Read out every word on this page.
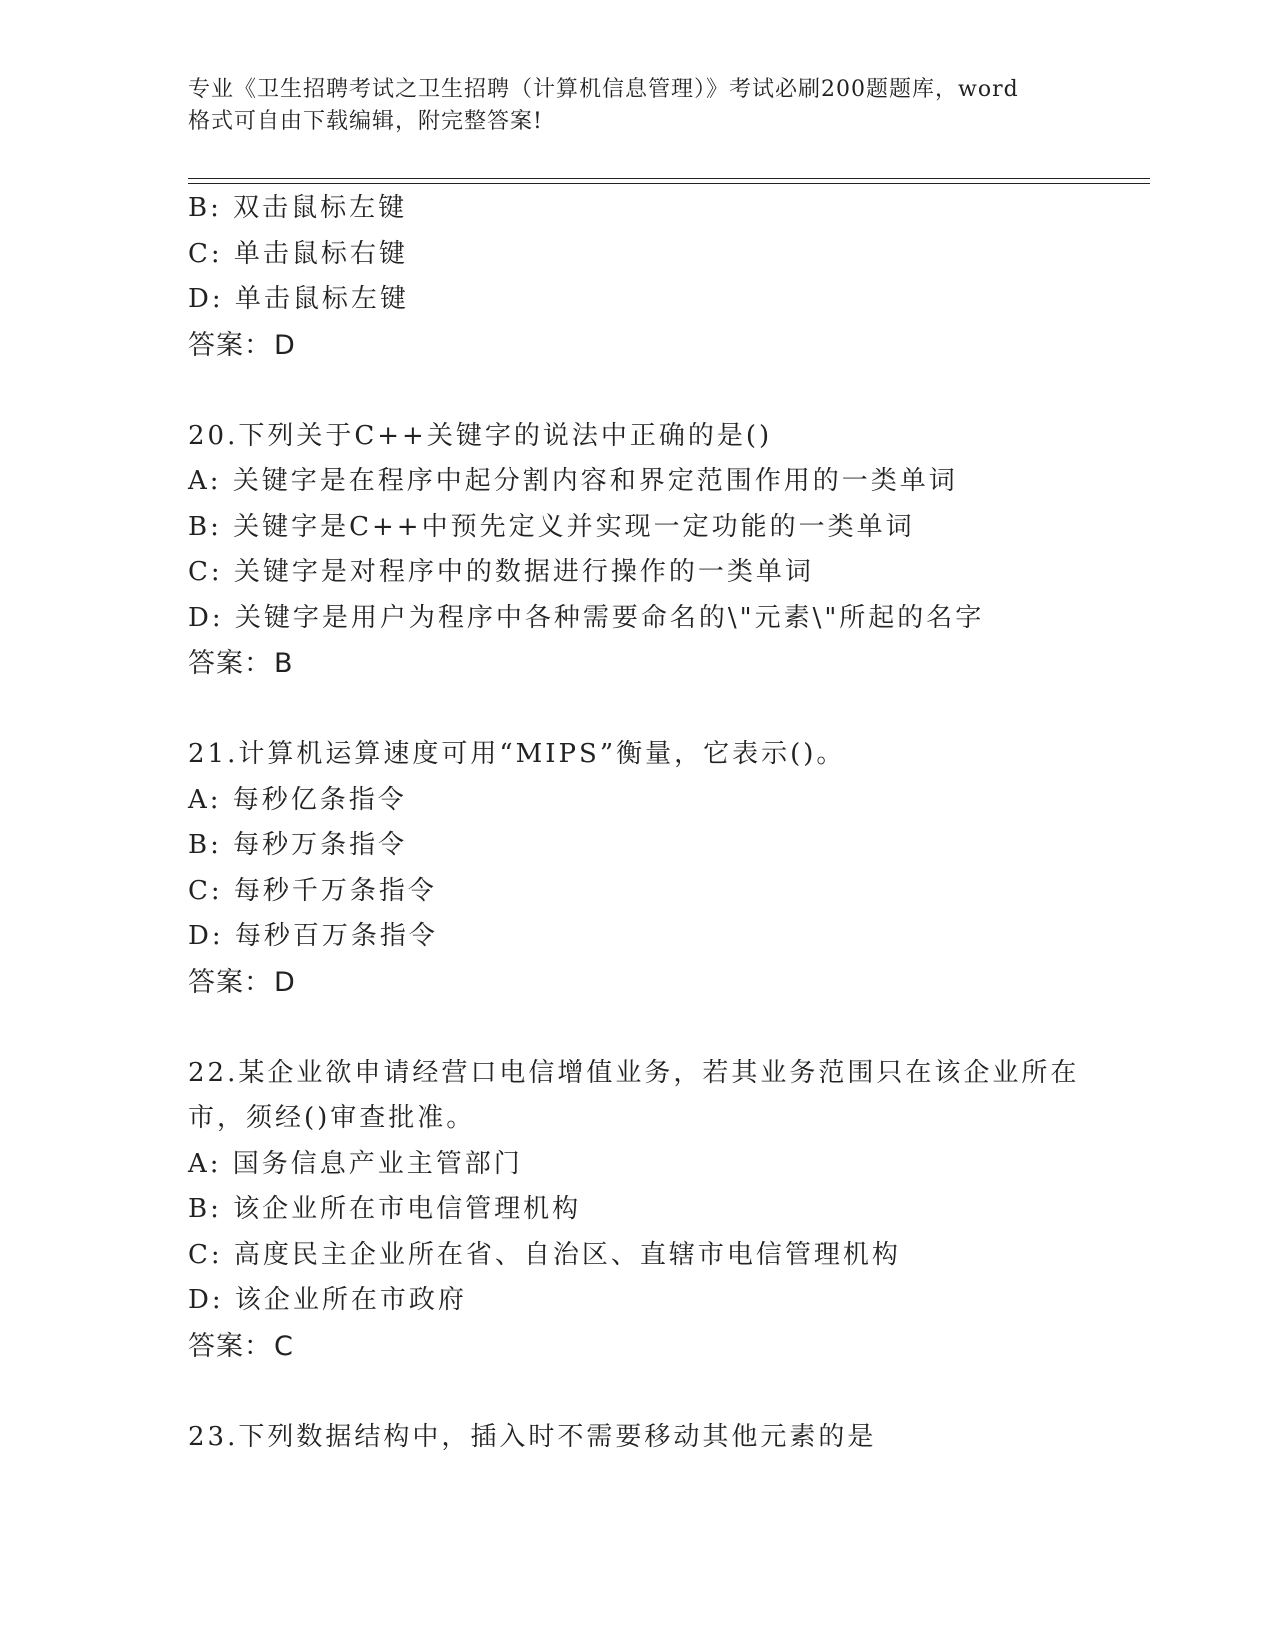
专业《卫生招聘考试之卫生招聘（计算机信息管理）》考试必刷200题题库，word
格式可自由下载编辑，附完整答案!
B: 双击鼠标左键
C: 单击鼠标右键
D: 单击鼠标左键
答案：D
20.下列关于C++关键字的说法中正确的是()
A: 关键字是在程序中起分割内容和界定范围作用的一类单词
B: 关键字是C++中预先定义并实现一定功能的一类单词
C: 关键字是对程序中的数据进行操作的一类单词
D: 关键字是用户为程序中各种需要命名的\"元素\"所起的名字
答案：B
21.计算机运算速度可用“MIPS”衡量，它表示()。
A: 每秒亿条指令
B: 每秒万条指令
C: 每秒千万条指令
D: 每秒百万条指令
答案：D
22.某企业欲申请经营口电信增值业务，若其业务范围只在该企业所在
市，须经()审查批准。
A: 国务信息产业主管部门
B: 该企业所在市电信管理机构
C: 高度民主企业所在省、自治区、直辖市电信管理机构
D: 该企业所在市政府
答案：C
23.下列数据结构中，插入时不需要移动其他元素的是
